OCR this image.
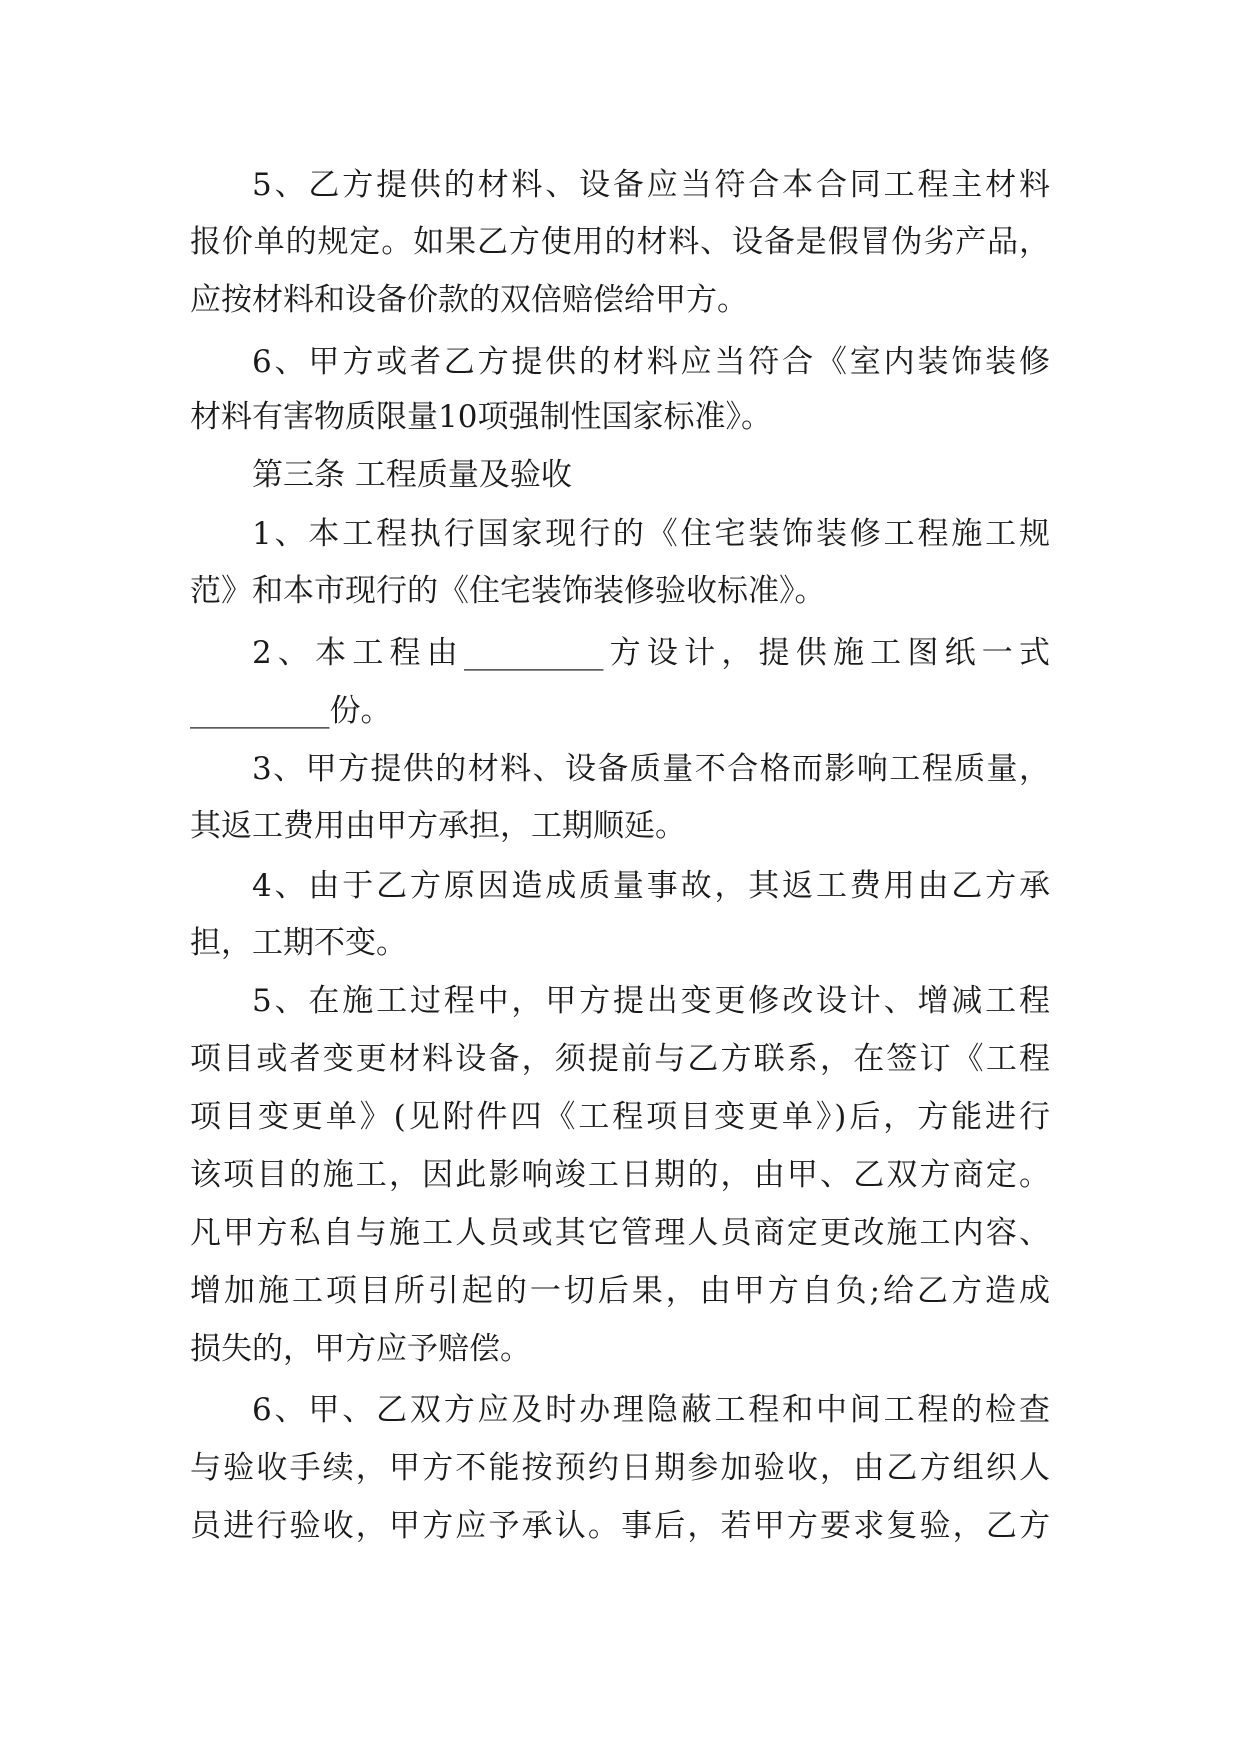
5、乙方提供的材料、设备应当符合本合同工程主材料
报价单的规定。如果乙方使用的材料、设备是假冒伪劣产品，
应按材料和设备价款的双倍赔偿给甲方。
6、甲方或者乙方提供的材料应当符合《室内装饰装修
材料有害物质限量10项强制性国家标准》。
第三条 工程质量及验收
1、本工程执行国家现行的《住宅装饰装修工程施工规
范》和本市现行的《住宅装饰装修验收标准》。
2、本工程由_________方设计，提供施工图纸一式
_________份。
3、甲方提供的材料、设备质量不合格而影响工程质量，
其返工费用由甲方承担，工期顺延。
4、由于乙方原因造成质量事故，其返工费用由乙方承
担，工期不变。
5、在施工过程中，甲方提出变更修改设计、增减工程
项目或者变更材料设备，须提前与乙方联系，在签订《工程
项目变更单》(见附件四《工程项目变更单》)后，方能进行
该项目的施工，因此影响竣工日期的，由甲、乙双方商定。
凡甲方私自与施工人员或其它管理人员商定更改施工内容、
增加施工项目所引起的一切后果，由甲方自负;给乙方造成
损失的，甲方应予赔偿。
6、甲、乙双方应及时办理隐蔽工程和中间工程的检查
与验收手续，甲方不能按预约日期参加验收，由乙方组织人
员进行验收，甲方应予承认。事后，若甲方要求复验，乙方
